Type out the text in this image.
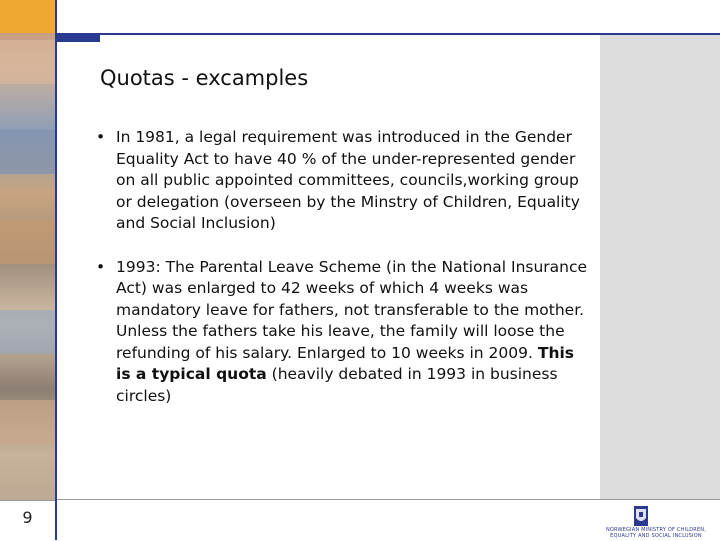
Quotas - excamples
• In 1981, a legal requirement was introduced in the Gender Equality Act to have 40 % of the under-represented gender on all public appointed committees, councils,working group or delegation (overseen by the Minstry of Children, Equality and Social Inclusion)
• 1993: The Parental Leave Scheme (in the National Insurance Act) was enlarged to 42 weeks of which 4 weeks was mandatory leave for fathers, not transferable to the mother. Unless the fathers take his leave, the family will loose the refunding of his salary. Enlarged to 10 weeks in 2009. This is a typical quota (heavily debated in 1993 in business circles)
9
NORWEGIAN MINISTRY OF CHILDREN, EQUALITY AND SOCIAL INCLUSION
